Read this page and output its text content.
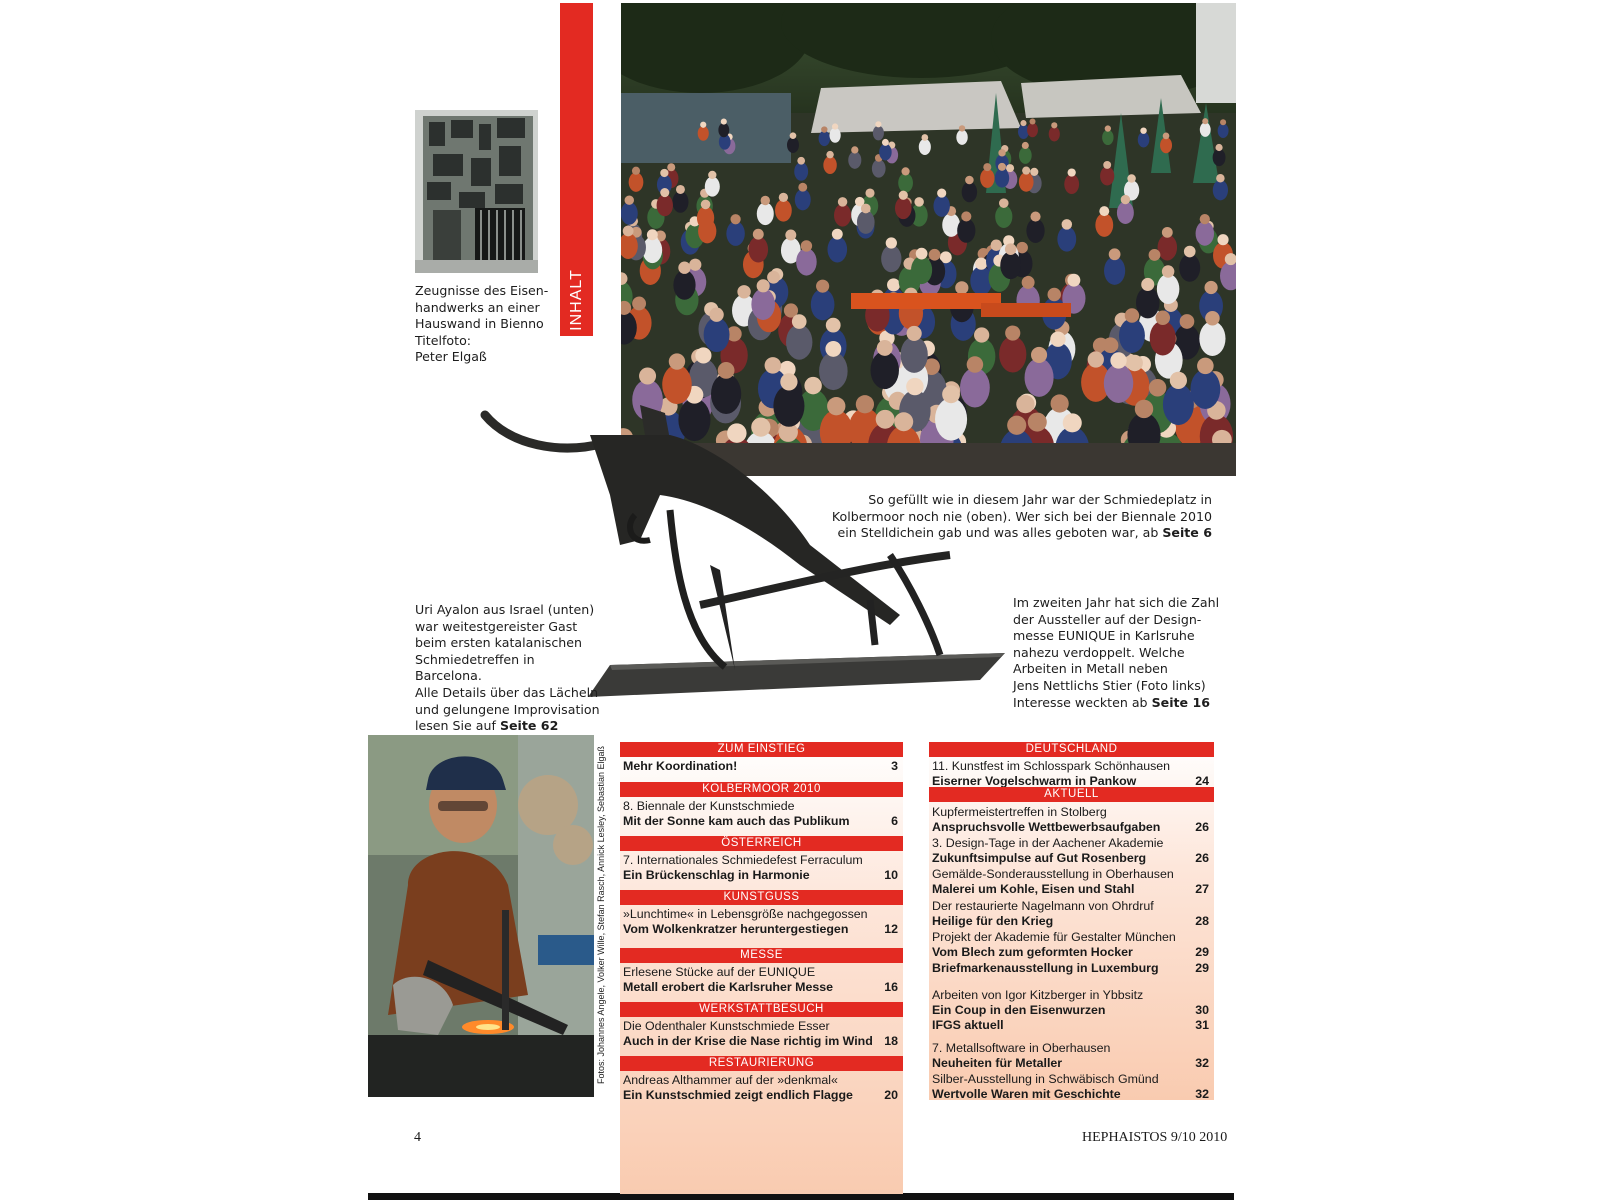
Zeugnisse des Eisen-
handwerks an einer
Hauswand in Bienno
Titelfoto:
Peter Elgaß
INHALT
So gefüllt wie in diesem Jahr war der Schmiedeplatz in
Kolbermoor noch nie (oben). Wer sich bei der Biennale 2010
ein Stelldichein gab und was alles geboten war, ab Seite 6
Uri Ayalon aus Israel (unten)
war weitestgereister Gast
beim ersten katalanischen
Schmiedetreffen in Barcelona.
Alle Details über das Lächeln
und gelungene Improvisation
lesen Sie auf Seite 62
Im zweiten Jahr hat sich die Zahl
der Aussteller auf der Design-
messe EUNIQUE in Karlsruhe
nahezu verdoppelt. Welche
Arbeiten in Metall neben
Jens Nettlichs Stier (Foto links)
Interesse weckten ab Seite 16
Fotos: Johannes Angele, Volker Wille, Stefan Rasch, Annick Lesley, Sebastian Elgaß	ZUM EINSTIEG
Mehr Koordination!	3
KOLBERMOOR 2010
8. Biennale der Kunstschmiede
Mit der Sonne kam auch das Publikum	6
ÖSTERREICH
7. Internationales Schmiedefest Ferraculum
Ein Brückenschlag in Harmonie	10
KUNSTGUSS
»Lunchtime« in Lebensgröße nachgegossen
Vom Wolkenkratzer heruntergestiegen	12
MESSE
Erlesene Stücke auf der EUNIQUE
Metall erobert die Karlsruher Messe	16
WERKSTATTBESUCH
Die Odenthaler Kunstschmiede Esser
Auch in der Krise die Nase richtig im Wind 18
RESTAURIERUNG
Andreas Althammer auf der »denkmal«
Ein Kunstschmied zeigt endlich Flagge	20
DEUTSCHLAND
11. Kunstfest im Schlosspark Schönhausen
Eiserner Vogelschwarm in Pankow	24
AKTUELL
Kupfermeistertreffen in Stolberg
Anspruchsvolle Wettbewerbsaufgaben	26
3. Design-Tage in der Aachener Akademie
Zukunftsimpulse auf Gut Rosenberg	26
Gemälde-Sonderausstellung in Oberhausen
Malerei um Kohle, Eisen und Stahl	27
Der restaurierte Nagelmann von Ohrdruf
Heilige für den Krieg	28
Projekt der Akademie für Gestalter München
Vom Blech zum geformten Hocker	29
Briefmarkenausstellung in Luxemburg	29
Arbeiten von Igor Kitzberger in Ybbsitz
Ein Coup in den Eisenwurzen	30
IFGS aktuell	31
7. Metallsoftware in Oberhausen
Neuheiten für Metaller	32
Silber-Ausstellung in Schwäbisch Gmünd
Wertvolle Waren mit Geschichte	32
4	HEPHAISTOS 9/10 2010
